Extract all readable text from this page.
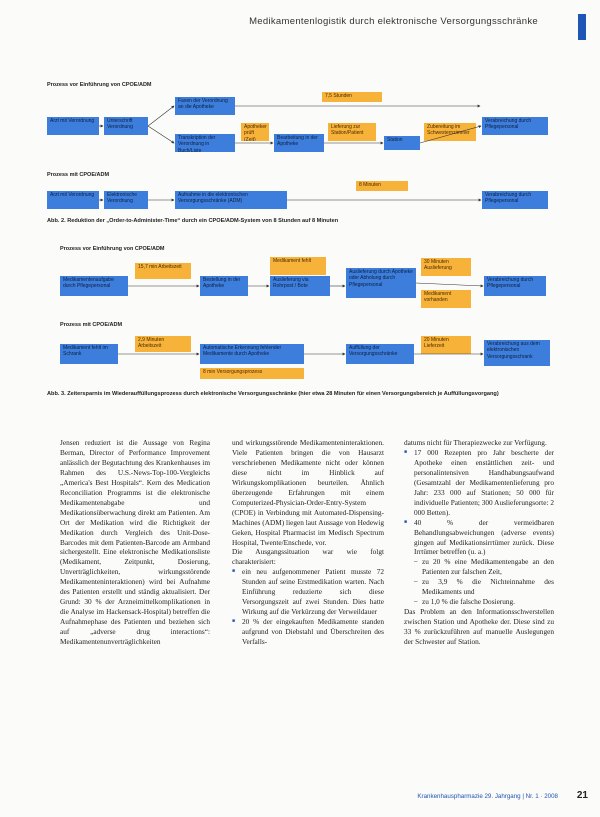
Medikamentenlogistik durch elektronische Versorgungsschränke
Prozess vor Einführung von CPOE/ADM
7,5 Stunden
Arzt mit Verordnung	Unterschrift Verordnung
Faxen der Verordnung an die Apotheke
Transkription der Verordnung in Buch/Liste
Apotheker prüft (Zeit)	Bearbeitung in der Apotheke
Lieferung zur Station/Patient
Station
Zubereitung im Schwesternzimmer
Verabreichung durch Pflegepersonal
Prozess mit CPOE/ADM
8 Minuten
Arzt mit Verordnung	Elektronische Verordnung
Aufnahme in die elektronischen Versorgungsschränke (ADM)
Verabreichung durch Pflegepersonal
Abb. 2. Reduktion der „Order-to-Administer-Time“ durch ein CPOE/ADM-System von 8 Stunden auf 8 Minuten
Prozess vor Einführung von CPOE/ADM
Medikamentenaufgabe durch Pflegepersonal
15,7 min Arbeitszeit
Bestellung in der Apotheke
Medikament fehlt
Auslieferung via Rohrpost / Bote
Auslieferung durch Apotheke oder Abholung durch Pflegepersonal
30 Minuten Auslieferung
Medikament vorhanden
Verabreichung durch Pflegepersonal
Prozess mit CPOE/ADM
Medikament fehlt im Schrank
2,9 Minuten Arbeitszeit	Automatische Erkennung fehlender Medikamente durch Apotheke
8 min Versorgungsprozess
Auffüllung der Versorgungsschränke
20 Minuten Lieferzeit	Verabreichung aus dem elektronischen Versorgungsschrank
Abb. 3. Zeitersparnis im Wiederauffüllungsprozess durch elektronische Versorgungsschränke (hier etwa 28 Minuten für einen Versorgungsbereich je Auffüllungsvorgang)

Jensen reduziert ist die Aussage von Regina Berman, Director of Performance Improvement anlässlich der Begutachtung des Krankenhauses im Rahmen des U.S.-News-Top-100-Vergleichs „America's Best Hospitals“. Kern des Medication Reconciliation Programms ist die elektronische Medikamentenabgabe und Medikationsüberwachung direkt am Patienten. Am Ort der Medikation wird die Richtigkeit der Medikation durch Vergleich des Unit-Dose-Barcodes mit dem Patienten-Barcode am Armband sichergestellt. Eine elektronische Medikationsliste (Medikament, Zeitpunkt, Dosierung, Unverträglichkeiten, wirkungsstörende Medikamenteninteraktionen) wird bei Aufnahme des Patienten erstellt und ständig aktualisiert. Der Grund: 30 % der Arzneimittelkomplikationen in die Analyse im Hackensack-Hospital) betreffen die Aufnahmephase des Patienten und beziehen sich auf „adverse drug interactions“: Medikamentenunverträglichkeiten

und wirkungsstörende Medikamenteninteraktionen. Viele Patienten bringen die von Hausarzt verschriebenen Medikamente nicht oder können diese nicht im Hinblick auf Wirkungskomplikationen beurteilen. Ähnlich überzeugende Erfahrungen mit einem Computerized-Physician-Order-Entry-System (CPOE) in Verbindung mit Automated-Dispensing-Machines (ADM) liegen laut Aussage von Hedewig Geken, Hospital Pharmacist im Medisch Spectrum Hospital, Twente/Enschede, vor.

Die Ausgangssituation war wie folgt charakterisiert:

■ ein neu aufgenommener Patient musste 72 Stunden auf seine Erstmedikation warten. Nach Einführung reduzierte sich diese Versorgungszeit auf zwei Stunden. Dies hatte Wirkung auf die Verkürzung der Verweildauer
■ 20 % der eingekauften Medikamente standen aufgrund von Diebstahl und Überschreiten des Verfalls-

datums nicht für Therapiezwecke zur Verfügung.

■ 17 000 Rezepten pro Jahr bescherte der Apotheke einen enstättlichen zeit- und personalintensiven Handhabungsaufwand (Gesamtzahl der Medikamentenlieferung pro Jahr: 233 000 auf Stationen; 50 000 für individuelle Patienten; 300 Auslieferungsorte: 2 000 Betten).
■ 40 % der vermeidbaren Behandlungsabweichungen (adverse events) gingen auf Medikationsirrtümer zurück. Diese Irrtümer betreffen (u. a.)
– zu 20 % eine Medikamentengabe an den Patienten zur falschen Zeit,
– zu 3,9 % die Nichteinnahme des Medikaments und
– zu 1,0 % die falsche Dosierung.

Das Problem an den Informationsschwerstellen zwischen Station und Apotheke der. Diese sind zu 33 % zurückzuführen auf manuelle Auslegungen der Schwester auf Station.

Krankenhauspharmazie 29. Jahrgang | Nr. 1 · 2008 21
